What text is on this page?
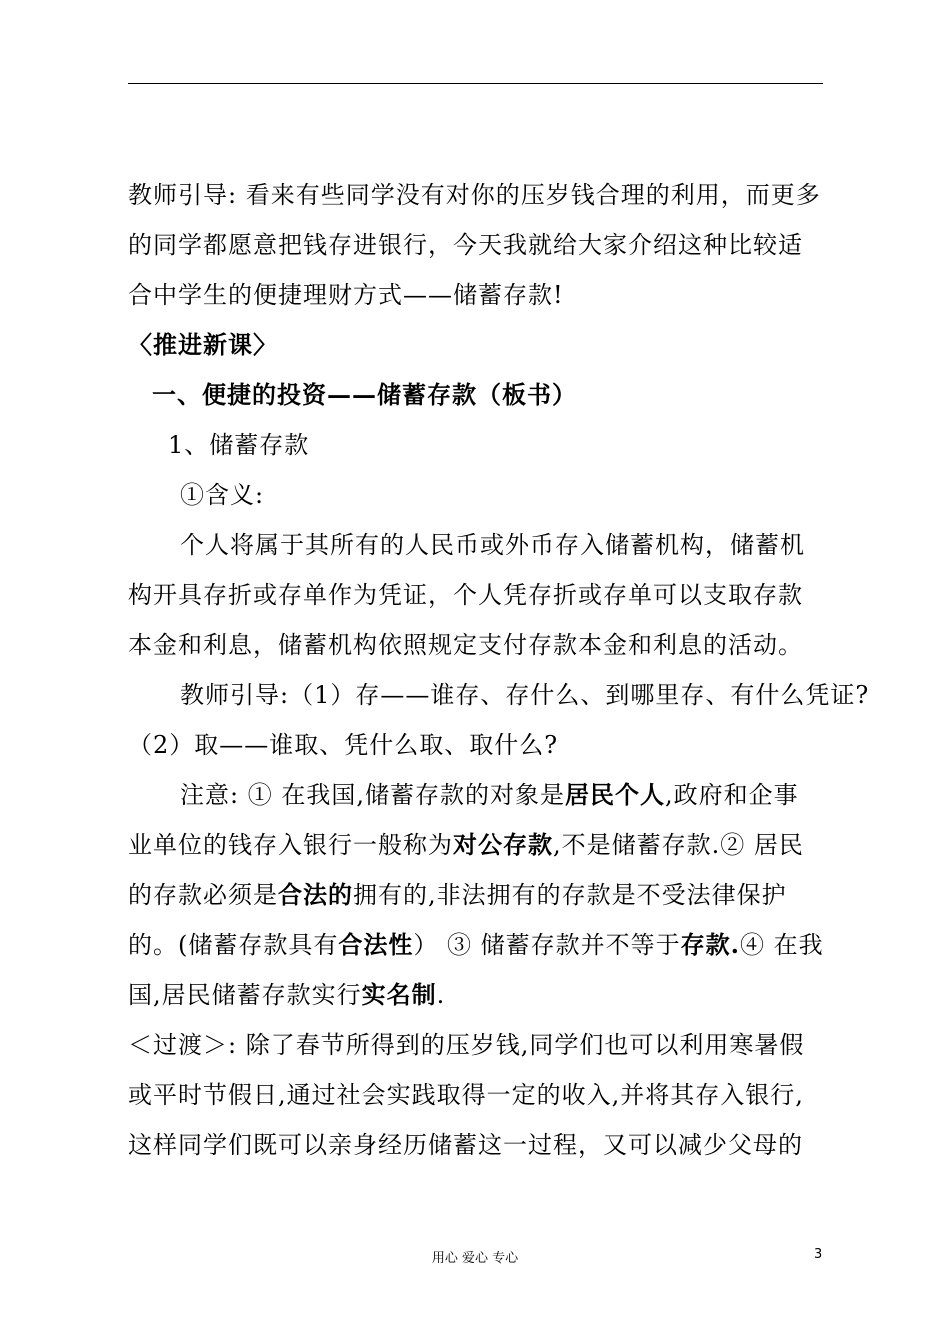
教师引导: 看来有些同学没有对你的压岁钱合理的利用，而更多
的同学都愿意把钱存进银行，今天我就给大家介绍这种比较适
合中学生的便捷理财方式——储蓄存款!
〈推进新课〉
一、便捷的投资——储蓄存款（板书）
1、储蓄存款
①含义:
个人将属于其所有的人民币或外币存入储蓄机构，储蓄机
构开具存折或存单作为凭证，个人凭存折或存单可以支取存款
本金和利息，储蓄机构依照规定支付存款本金和利息的活动。
教师引导:（1）存——谁存、存什么、到哪里存、有什么凭证?
（2）取——谁取、凭什么取、取什么?
注意: ① 在我国,储蓄存款的对象是居民个人,政府和企事
业单位的钱存入银行一般称为对公存款,不是储蓄存款.② 居民
的存款必须是合法的拥有的,非法拥有的存款是不受法律保护
的。(储蓄存款具有合法性） ③ 储蓄存款并不等于存款.④ 在我
国,居民储蓄存款实行实名制.
＜过渡＞: 除了春节所得到的压岁钱,同学们也可以利用寒暑假
或平时节假日,通过社会实践取得一定的收入,并将其存入银行,
这样同学们既可以亲身经历储蓄这一过程，又可以减少父母的
用心 爱心 专心	3
